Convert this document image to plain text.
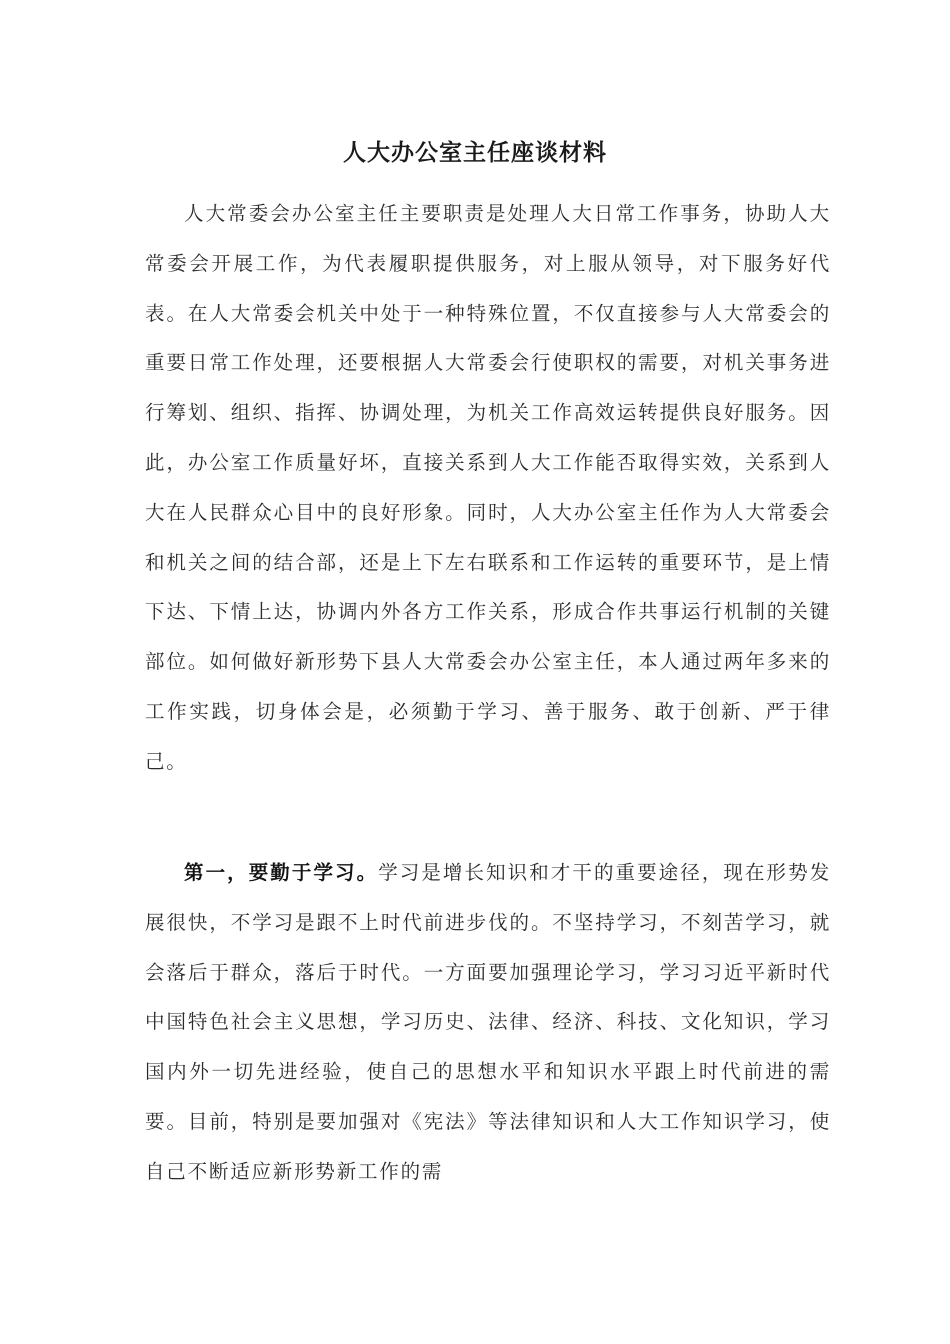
人大办公室主任座谈材料

人大常委会办公室主任主要职责是处理人大日常工作事务，协助人大常委会开展工作，为代表履职提供服务，对上服从领导，对下服务好代表。在人大常委会机关中处于一种特殊位置，不仅直接参与人大常委会的重要日常工作处理，还要根据人大常委会行使职权的需要，对机关事务进行筹划、组织、指挥、协调处理，为机关工作高效运转提供良好服务。因此，办公室工作质量好坏，直接关系到人大工作能否取得实效，关系到人大在人民群众心目中的良好形象。同时，人大办公室主任作为人大常委会和机关之间的结合部，还是上下左右联系和工作运转的重要环节，是上情下达、下情上达，协调内外各方工作关系，形成合作共事运行机制的关键部位。如何做好新形势下县人大常委会办公室主任，本人通过两年多来的工作实践，切身体会是，必须勤于学习、善于服务、敢于创新、严于律己。

第一，要勤于学习。学习是增长知识和才干的重要途径，现在形势发展很快，不学习是跟不上时代前进步伐的。不坚持学习，不刻苦学习，就会落后于群众，落后于时代。一方面要加强理论学习，学习习近平新时代中国特色社会主义思想，学习历史、法律、经济、科技、文化知识，学习国内外一切先进经验，使自己的思想水平和知识水平跟上时代前进的需要。目前，特别是要加强对《宪法》等法律知识和人大工作知识学习，使自己不断适应新形势新工作的需
